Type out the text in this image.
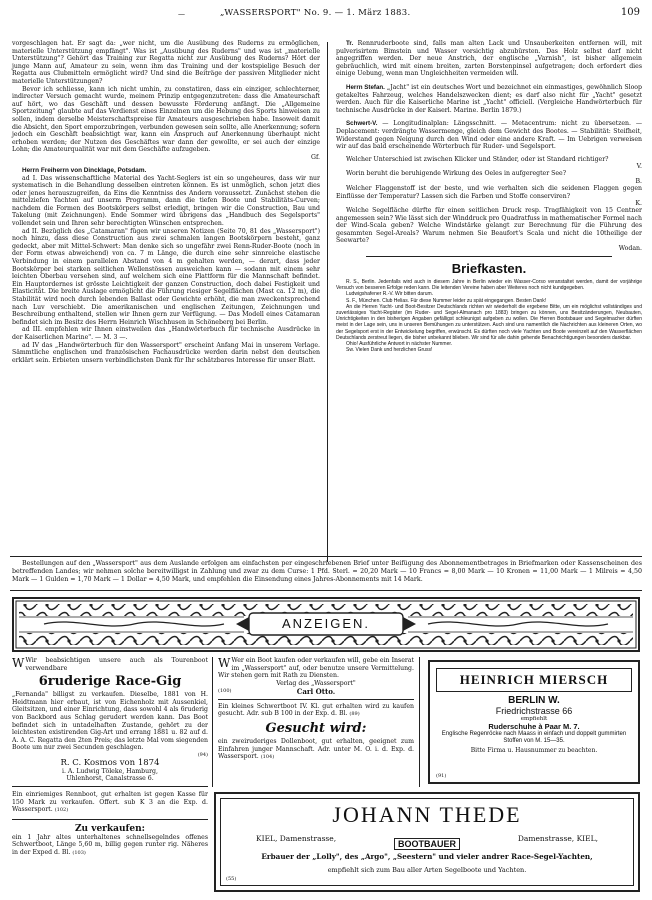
—	„WASSERSPORT" No. 9. — 1. März 1883.	109

vorgeschlagen hat. Er sagt da: „wer nicht, um die Ausübung des Ruderns zu ermöglichen, materielle Unterstützung empfängt". Was ist „Ausübung des Ruderns" und was ist „materielle Unterstützung"? Gehört das Training zur Regatta nicht zur Ausübung des Ruderns? Hört der junge Mann auf, Amateur zu sein, wenn ihm das Training und der kostspielige Besuch der Regatta aus Clubmitteln ermöglicht wird? Und sind die Beiträge der passiven Mitglieder nicht materielle Unterstützungen?

Bevor ich schliesse, kann ich nicht umhin, zu constatiren, dass ein einziger, schlechterner, indirecter Versuch gemacht wurde, meinem Prinzip entgegenzutreten: dass die Amateurschaft auf hört, wo das Geschäft und dessen bewusste Förderung anfängt. Die „Allgemeine Sportzeitung" glaubte auf das Verdienst eines Einzelnen um die Hebung des Sports hinweisen zu sollen, indem derselbe Meisterschaftspreise für Amateurs ausgeschrieben habe. Insoweit damit die Absicht, den Sport emporzubringen, verbunden gewesen sein sollte, alle Anerkennung; sofern jedoch ein Geschäft beabsichtigt war, kann ein Anspruch auf Anerkennung überhaupt nicht erhoben werden; der Nutzen des Geschäftes war dann der gewollte, er sei auch der einzige Lohn; die Amateurqualität war mit dem Geschäfte aufzugeben.

Gf.

Herrn Freiherrn von Dincklage, Potsdam.

ad I. Das wissenschaftliche Material des Yacht-Seglers ist ein so ungeheures, dass wir nur systematisch in die Behandlung desselben eintreten können. Es ist unmöglich, schon jetzt dies oder jenes herauszugreifen, da Eins die Kenntniss des Andern voraussetzt. Zunächst stehen die mittelziefen Yachten auf unserm Programm, dann die tiefen Boote und Stabilitäts-Curven; nachdem die Formen des Bootskörpers selbst erledigt, bringen wir die Construction, Bau und Takelung (mit Zeichnungen). Ende Sommer wird übrigens das „Handbuch des Segelsports" vollendet sein und Ihren sehr berechtigten Wünschen entsprechen.

ad II. Bezüglich des „Catamaran" fügen wir unseren Notizen (Seite 70, 81 des „Wassersport") noch hinzu, dass diese Construction aus zwei schmalen langen Bootskörpern besteht, ganz gedeckt, aber mit Mittel-Schwert: Man denke sich so ungefähr zwei Renn-Ruder-Boote (noch in der Form etwas abweichend) von ca. 7 m Länge, die durch eine sehr sinnreiche elastische Verbindung in einem parallelen Abstand von 4 m gehalten werden, — derart, dass jeder Bootskörper bei starken seitlichen Wellenstössen ausweichen kann — sodann mit einem sehr leichten Oberbau versehen sind, auf welchem sich eine Plattform für die Mannschaft befindet. Ein Hauptordernes ist grösste Leichtigkeit der ganzen Construction, doch dabei Festigkeit und Elasticität. Die breite Auslage ermöglicht die Führung riesiger Segelflächen (Mast ca. 12 m), die Stabilität wird noch durch lebenden Ballast oder Gewichte erhöht, die man zweckentsprechend nach Luv verschiebt. Die amerikanischen und englischen Zeitungen, Zeichnungen und Beschreibung enthaltend, stellen wir Ihnen gern zur Verfügung. — Das Modell eines Catamaran befindet sich im Besitz des Herrn Heinrich Wischhusen in Schöneberg bei Berlin.

ad III. empfehlen wir Ihnen einstweilen das „Handwörterbuch für technische Ausdrücke in der Kaiserlichen Marine". — M. 3 —.

ad IV das „Handwörterbuch für den Wassersport" erscheint Anfang Mai in unserem Verlage. Sämmtliche englischen und französischen Fachausdrücke werden darin nebst den deutschen erklärt sein. Erbieten unsern verbindlichsten Dank für Ihr schätzbares Interesse für unser Blatt.

Tr. Rennruderboote sind, falls man alten Lack und Unsauberkeiten entfernen will, mit pulverisirtem Bimstein und Wasser vorsichtig abzubürsten. Das Holz selbst darf nicht angegriffen werden. Der neue Anstrich, der englische „Varnish", ist bisher allgemein gebräuchlich, wird mit einem breiten, zarten Borstenpinsel aufgetragen; doch erfordert dies einige Uebung, wenn man Ungleichheiten vermeiden will.

Herrn Stefan. „Jacht" ist ein deutsches Wort und bezeichnet ein einmastiges, gewöhnlich Sloop getakeltes Fahrzeug, welches Handelszwecken dient; es darf also nicht für „Yacht" gesetzt werden. Auch für die Kaiserliche Marine ist „Yacht" officiell. (Vergleiche Handwörterbuch für technische Ausdrücke in der Kaiserl. Marine. Berlin 1879.)

Schwert-V. — Longitudinalplan: Längsschnitt. — Metacentrum: nicht zu übersetzen. — Deplacement: verdrängte Wassermenge, gleich dem Gewicht des Bootes. — Stabilität: Steifheit, Widerstand gegen Neigung durch den Wind oder eine andere Kraft. — Im Uebrigen verweisen wir auf das bald erscheinende Wörterbuch für Ruder- und Segelsport.

Welcher Unterschied ist zwischen Klicker und Ständer, oder ist Standard richtiger?

V.

Worin beruht die beruhigende Wirkung des Oeles in aufgeregter See?

B.

Welcher Flaggenstoff ist der beste, und wie verhalten sich die seidenen Flaggen gegen Einflüsse der Temperatur? Lassen sich die Farben und Stoffe conserviren?

K.

Welche Segelfläche dürfte für einen seitlichen Druck resp. Tragfähigkeit von 15 Centner angemessen sein? Wie lässt sich der Winddruck pro Quadratfuss in mathematischer Formel nach der Wind-Scala geben? Welche Windstärke gelangt zur Berechnung für die Führung des gesammten Segel-Areals? Warum nehmen Sie Beaufort's Scala und nicht die 10theilige der Seewarte?

Wodan.
Briefkasten.

R. S., Berlin. Jedenfalls wird auch in diesem Jahre in Berlin wieder ein Wasser-Corso veranstaltet werden, damit der vorjährige Versuch von besseren Erfolge reden kann. Die leitenden Vereine haben aber Weiteres noch nicht kundgegeben.

Ludwigshafener R.-V. Wir bitten darum.

S. F., München. Club Helias. Für diese Nummer leider zu spät eingegangen. Besten Dank!

An die Herren Yacht- und Boot-Besitzer Deutschlands richten wir wiederholt die ergebene Bitte, um ein möglichst vollständiges und zuverlässiges Yacht-Register (im Ruder- und Segel-Almanach pro 1883) bringen zu können, uns Besitzänderungen, Neubauten, Unrichtigkeiten in den bisherigen Angaben gefälligst schleunigst aufgeben zu wollen. Die Herren Bootsbauer und Segelmacher dürften meist in der Lage sein, uns in unseren Bemühungen zu unterstützen. Auch sind uns namentlich die Nachrichten aus kleineren Orten, wo der Segelsport erst in der Entwickelung begriffen, erwünscht. Es dürften noch viele Yachten und Boote vereinzelt auf den Wasserflächen Deutschlands zerstreut liegen, die bisher unbekannt blieben. Wir sind für alle dahin gehende Benachrichtigungen besonders dankbar.

Ohio! Ausführliche Antwort in nächster Nummer.

Sw. Vielen Dank und herzlichen Gruss!

Bestellungen auf den „Wassersport" aus dem Auslande erfolgen am einfachsten per eingeschriebenen Brief unter Beifügung des Abonnementbetrages in Briefmarken oder Kassenscheinen des betreffenden Landes; wir nehmen solche bereitwilligst in Zahlung und zwar zu dem Curse: 1 Pfd. Sterl. = 20,20 Mark — 10 Francs = 8,00 Mark — 10 Kronen = 11,00 Mark — 1 Milreis = 4,50 Mark — 1 Gulden = 1,70 Mark — 1 Dollar = 4,50 Mark, und empfehlen die Einsendung eines Jahres-Abonnements mit 14 Mark.

ANZEIGEN.

W Wir beabsichtigen unsere auch als Tourenboot verwendbare

6ruderige Race-Gig

„Fernanda" billigst zu verkaufen. Dieselbe, 1881 von H. Heidtmann hier erbaut, ist von Eichenholz mit Aussenkiel, Gleitsitzen, und einer Einrichtung, dass sowohl 4 als 6ruderig von Backbord aus Schlag gerudert werden kann. Das Boot befindet sich in untadelhaften Zustande, gehört zu der leichtesten existirenden Gig-Art und errang 1881 u. 82 auf d. A. A. C. Regatta den 2ten Preis; das letzte Mal vom siegenden Boote um nur zwei Secunden geschlagen.

(94)
R. C. Kosmos von 1874
i. A. Ludwig Töleke, Hamburg,
Uhlenhorst, Canalstrasse 6.

Ein einriemiges Rennboot, gut erhalten ist gegen Kasse für 150 Mark zu verkaufen. Offert. sub K 3 an die Exp. d. Wassersport. (102)

Zu verkaufen:

ein 1 Jahr altes unterhaltenes schnellsegelndes offenes Schwertboot, Länge 5,60 m, billig gegen runter rig. Näheres in der Exped d. Bl. (103)

W Wer ein Boot kaufen oder verkaufen will, gebe ein Inserat im „Wassersport" auf, oder benutze unsere Vermittelung. Wir stehen gern mit Rath zu Diensten.

Verlag des „Wassersport"
(100)	Carl Otto.

Ein kleines Schwertboot IV. Kl. gut erhalten wird zu kaufen gesucht. Adr. sub B 100 in der Exp. d. Bl. (89)

Gesucht wird:

ein zweiruderiges Dollenboot, gut erhalten, geeignet zum Einfahren junger Mannschaft. Adr. unter M. O. i. d. Exp. d. Wassersport. (104)

HEINRICH MIERSCH
BERLIN W.
Friedrichstrasse 66
empfiehlt
Ruderschuhe à Paar M. 7.
Englische Regenröcke nach Maass in einfach und doppelt gummirten Stoffen von M. 15—35.
Bitte Firma u. Hausnummer zu beachten.
(91)
JOHANN THEDE
KIEL, Damenstrasse,
BOOTBAUER
Damenstrasse, KIEL,
Erbauer der „Lolly", des „Argo", „Seestern" und vieler andrer Race-Segel-Yachten,
empfiehlt sich zum Bau aller Arten Segelboote und Yachten.
(55)
